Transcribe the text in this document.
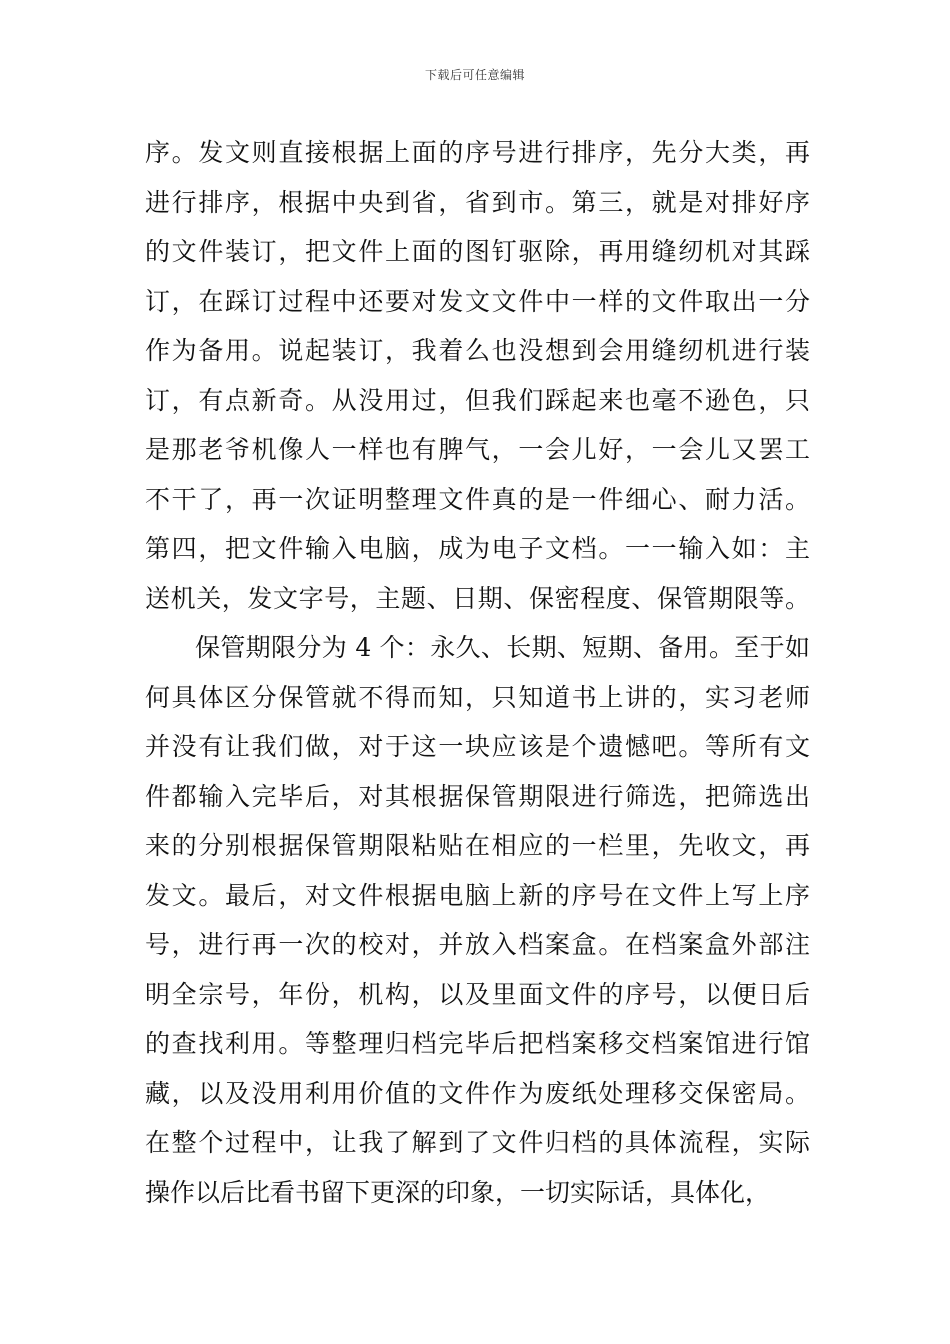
下载后可任意编辑
序。发文则直接根据上面的序号进行排序，先分大类，再
进行排序，根据中央到省，省到市。第三，就是对排好序
的文件装订，把文件上面的图钉驱除，再用缝纫机对其踩
订，在踩订过程中还要对发文文件中一样的文件取出一分
作为备用。说起装订，我着么也没想到会用缝纫机进行装
订，有点新奇。从没用过，但我们踩起来也毫不逊色，只
是那老爷机像人一样也有脾气，一会儿好，一会儿又罢工
不干了，再一次证明整理文件真的是一件细心、耐力活。
第四，把文件输入电脑，成为电子文档。一一输入如：主
送机关，发文字号，主题、日期、保密程度、保管期限等。
保管期限分为 4 个：永久、长期、短期、备用。至于如
何具体区分保管就不得而知，只知道书上讲的，实习老师
并没有让我们做，对于这一块应该是个遗憾吧。等所有文
件都输入完毕后，对其根据保管期限进行筛选，把筛选出
来的分别根据保管期限粘贴在相应的一栏里，先收文，再
发文。最后，对文件根据电脑上新的序号在文件上写上序
号，进行再一次的校对，并放入档案盒。在档案盒外部注
明全宗号，年份，机构，以及里面文件的序号，以便日后
的查找利用。等整理归档完毕后把档案移交档案馆进行馆
藏，以及没用利用价值的文件作为废纸处理移交保密局。
在整个过程中，让我了解到了文件归档的具体流程，实际
操作以后比看书留下更深的印象，一切实际话，具体化，
